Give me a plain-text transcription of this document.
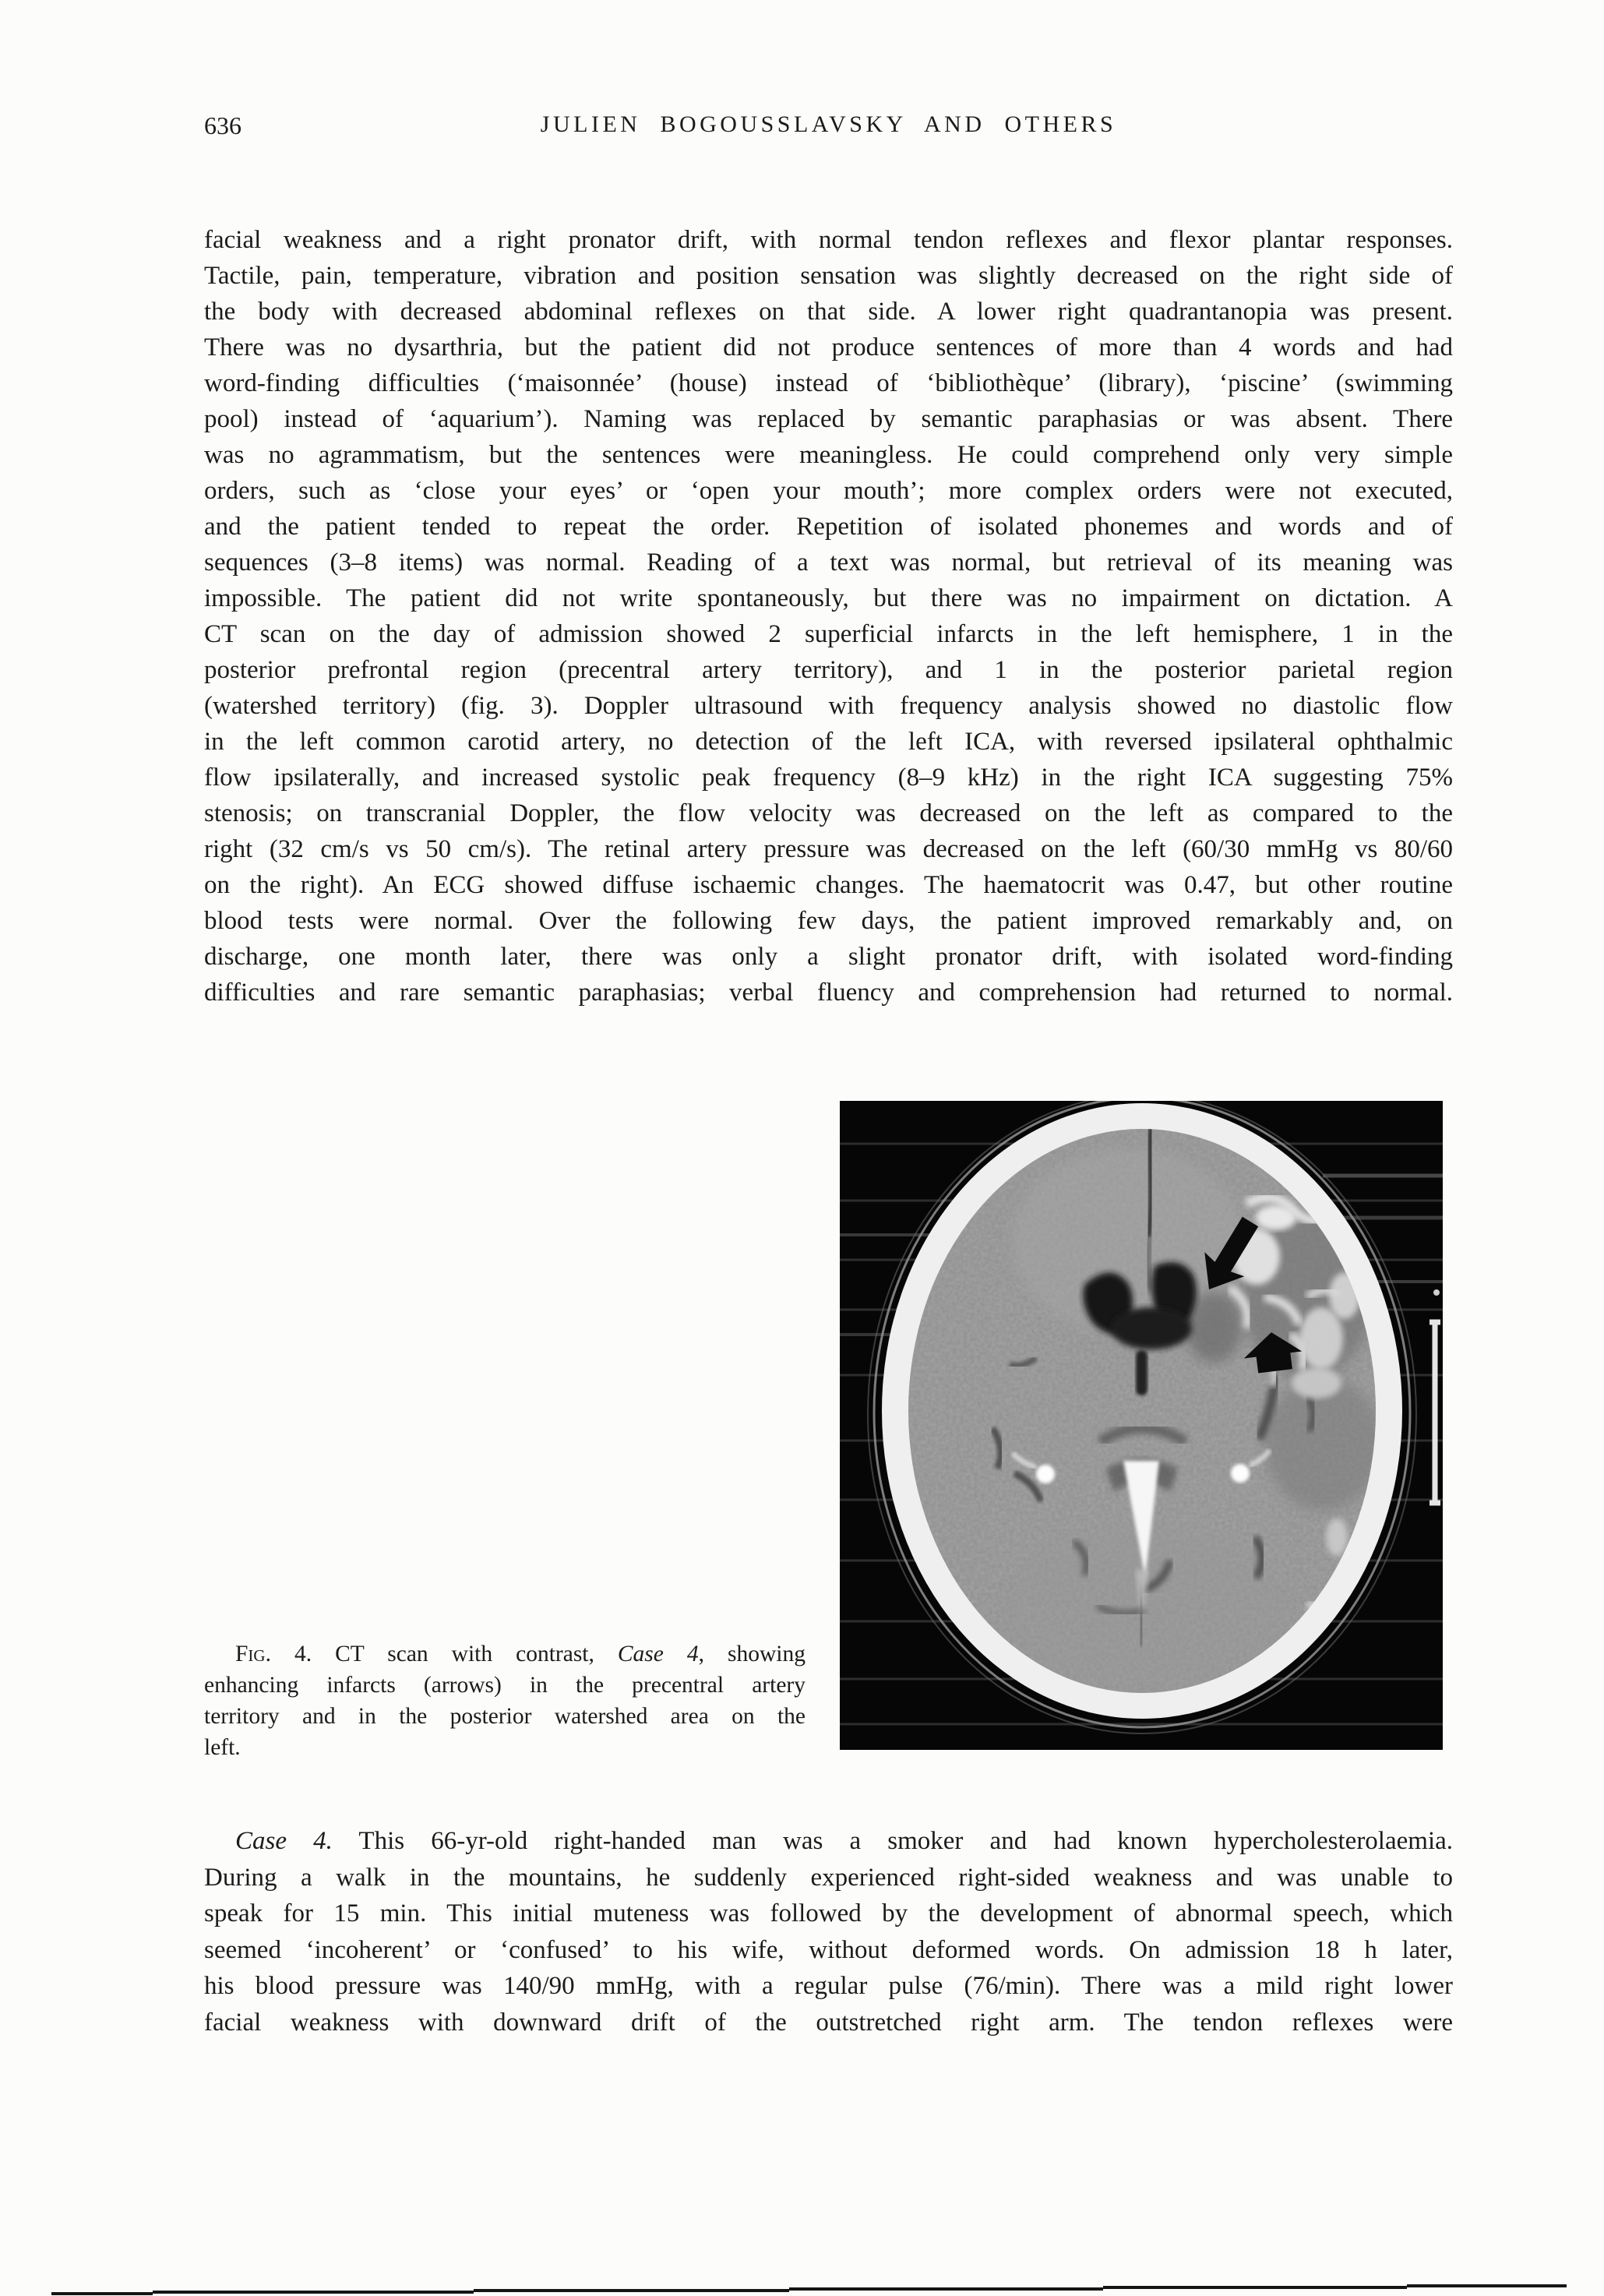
636	JULIEN BOGOUSSLAVSKY AND OTHERS
facial weakness and a right pronator drift, with normal tendon reflexes and flexor plantar responses.
Tactile, pain, temperature, vibration and position sensation was slightly decreased on the right side of
the body with decreased abdominal reflexes on that side. A lower right quadrantanopia was present.
There was no dysarthria, but the patient did not produce sentences of more than 4 words and had
word-finding difficulties (‘maisonnée’ (house) instead of ‘bibliothèque’ (library), ‘piscine’ (swimming
pool) instead of ‘aquarium’). Naming was replaced by semantic paraphasias or was absent. There
was no agrammatism, but the sentences were meaningless. He could comprehend only very simple
orders, such as ‘close your eyes’ or ‘open your mouth’; more complex orders were not executed,
and the patient tended to repeat the order. Repetition of isolated phonemes and words and of
sequences (3–8 items) was normal. Reading of a text was normal, but retrieval of its meaning was
impossible. The patient did not write spontaneously, but there was no impairment on dictation. A
CT scan on the day of admission showed 2 superficial infarcts in the left hemisphere, 1 in the
posterior prefrontal region (precentral artery territory), and 1 in the posterior parietal region
(watershed territory) (fig. 3). Doppler ultrasound with frequency analysis showed no diastolic flow
in the left common carotid artery, no detection of the left ICA, with reversed ipsilateral ophthalmic
flow ipsilaterally, and increased systolic peak frequency (8–9 kHz) in the right ICA suggesting 75%
stenosis; on transcranial Doppler, the flow velocity was decreased on the left as compared to the
right (32 cm/s vs 50 cm/s). The retinal artery pressure was decreased on the left (60/30 mmHg vs 80/60
on the right). An ECG showed diffuse ischaemic changes. The haematocrit was 0.47, but other routine
blood tests were normal. Over the following few days, the patient improved remarkably and, on
discharge, one month later, there was only a slight pronator drift, with isolated word-finding
difficulties and rare semantic paraphasias; verbal fluency and comprehension had returned to normal.
Fig. 4. CT scan with contrast, Case 4, showing
enhancing infarcts (arrows) in the precentral artery
territory and in the posterior watershed area on the
left.
Case 4. This 66-yr-old right-handed man was a smoker and had known hypercholesterolaemia.
During a walk in the mountains, he suddenly experienced right-sided weakness and was unable to
speak for 15 min. This initial muteness was followed by the development of abnormal speech, which
seemed ‘incoherent’ or ‘confused’ to his wife, without deformed words. On admission 18 h later,
his blood pressure was 140/90 mmHg, with a regular pulse (76/min). There was a mild right lower
facial weakness with downward drift of the outstretched right arm. The tendon reflexes were
